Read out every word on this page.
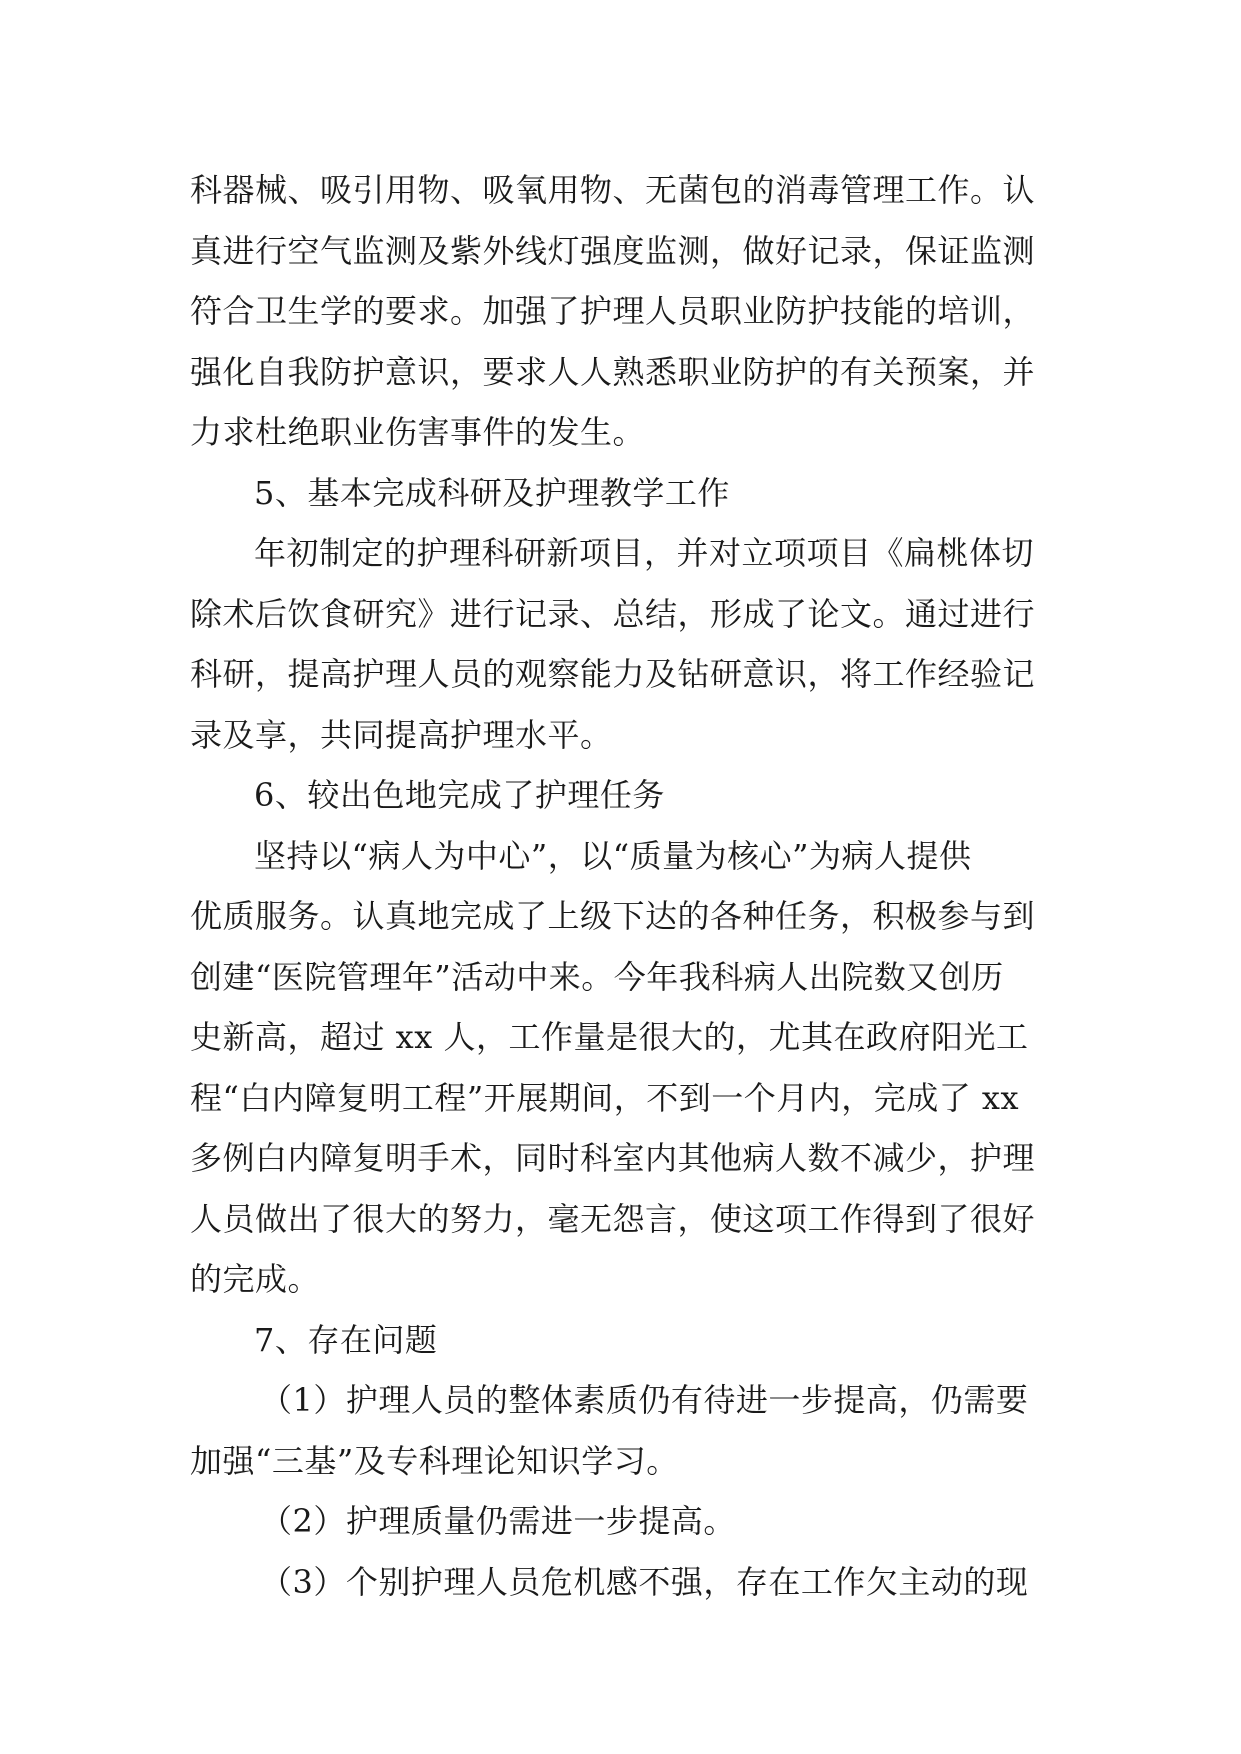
科器械、吸引用物、吸氧用物、无菌包的消毒管理工作。认
真进行空气监测及紫外线灯强度监测，做好记录，保证监测
符合卫生学的要求。加强了护理人员职业防护技能的培训，
强化自我防护意识，要求人人熟悉职业防护的有关预案，并
力求杜绝职业伤害事件的发生。
5、基本完成科研及护理教学工作
年初制定的护理科研新项目，并对立项项目《扁桃体切
除术后饮食研究》进行记录、总结，形成了论文。通过进行
科研，提高护理人员的观察能力及钻研意识，将工作经验记
录及享，共同提高护理水平。
6、较出色地完成了护理任务
坚持以“病人为中心”，以“质量为核心”为病人提供
优质服务。认真地完成了上级下达的各种任务，积极参与到
创建“医院管理年”活动中来。今年我科病人出院数又创历
史新高，超过 xx 人，工作量是很大的，尤其在政府阳光工
程“白内障复明工程”开展期间，不到一个月内，完成了 xx
多例白内障复明手术，同时科室内其他病人数不减少，护理
人员做出了很大的努力，毫无怨言，使这项工作得到了很好
的完成。
7、存在问题
（1）护理人员的整体素质仍有待进一步提高，仍需要
加强“三基”及专科理论知识学习。
（2）护理质量仍需进一步提高。
（3）个别护理人员危机感不强，存在工作欠主动的现
